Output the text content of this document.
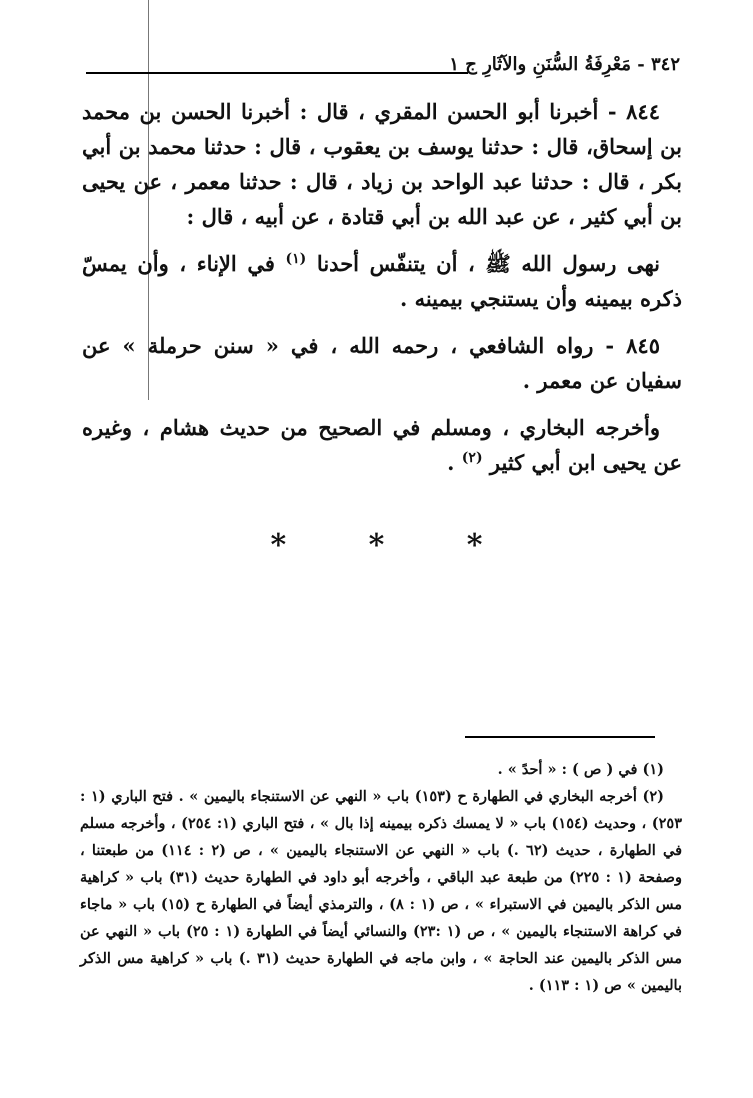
٣٤٢ - مَعْرِفَةُ السُّنَنِ والآثَارِ ج ١

٨٤٤ - أخبرنا أبو الحسن المقري ، قال : أخبرنا الحسن بن محمد بن إسحاق، قال : حدثنا يوسف بن يعقوب ، قال : حدثنا محمد بن أبي بكر ، قال : حدثنا عبد الواحد بن زياد ، قال : حدثنا معمر ، عن يحيى بن أبي كثير ، عن عبد الله بن أبي قتادة ، عن أبيه ، قال :

نهى رسول الله ﷺ ، أن يتنفّس أحدنا $^{(١)}$ في الإناء ، وأن يمسّ ذكره بيمينه وأن يستنجي بيمينه .

٨٤٥ - رواه الشافعي ، رحمه الله ، في « سنن حرملة » عن سفيان عن معمر .

وأخرجه البخاري ، ومسلم في الصحيح من حديث هشام ، وغيره عن يحيى ابن أبي كثير $^{(٢)}$ .

* * *

(١) في ( ص ) : « أحدً » .

(٢) أخرجه البخاري في الطهارة ح (١٥٣) باب « النهي عن الاستنجاء باليمين » . فتح الباري (١ : ٢٥٣) ، وحديث (١٥٤) باب « لا يمسك ذكره بيمينه إذا بال » ، فتح الباري (١: ٢٥٤) ، وأخرجه مسلم في الطهارة ، حديث (٦٢ .) باب « النهي عن الاستنجاء باليمين » ، ص (٢ : ١١٤) من طبعتنا ، وصفحة (١ : ٢٢٥) من طبعة عبد الباقي ، وأخرجه أبو داود في الطهارة حديث (٣١) باب « كراهية مس الذكر باليمين في الاستبراء » ، ص (١ : ٨) ، والترمذي أيضاً في الطهارة ح (١٥) باب « ماجاء في كراهة الاستنجاء باليمين » ، ص (١ :٢٣) والنسائي أيضاً في الطهارة (١ : ٢٥) باب « النهي عن مس الذكر باليمين عند الحاجة » ، وابن ماجه في الطهارة حديث (٣١ .) باب « كراهية مس الذكر باليمين » ص (١ : ١١٣) .
